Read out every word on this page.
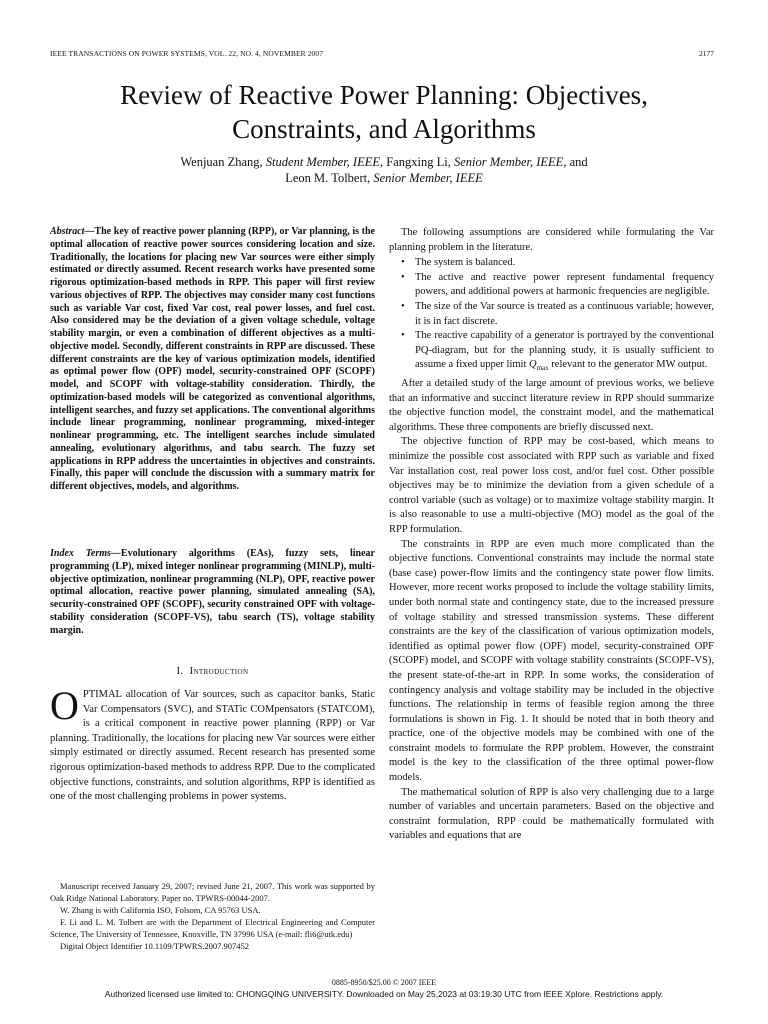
IEEE TRANSACTIONS ON POWER SYSTEMS, VOL. 22, NO. 4, NOVEMBER 2007	2177
Review of Reactive Power Planning: Objectives,
Constraints, and Algorithms
Wenjuan Zhang, Student Member, IEEE, Fangxing Li, Senior Member, IEEE, and
Leon M. Tolbert, Senior Member, IEEE
Abstract—The key of reactive power planning (RPP), or Var planning, is the optimal allocation of reactive power sources considering location and size. Traditionally, the locations for placing new Var sources were either simply estimated or directly assumed. Recent research works have presented some rigorous optimization-based methods in RPP. This paper will first review various objectives of RPP. The objectives may consider many cost functions such as variable Var cost, fixed Var cost, real power losses, and fuel cost. Also considered may be the deviation of a given voltage schedule, voltage stability margin, or even a combination of different objectives as a multi-objective model. Secondly, different constraints in RPP are discussed. These different constraints are the key of various optimization models, identified as optimal power flow (OPF) model, security-constrained OPF (SCOPF) model, and SCOPF with voltage-stability consideration. Thirdly, the optimization-based models will be categorized as conventional algorithms, intelligent searches, and fuzzy set applications. The conventional algorithms include linear programming, nonlinear programming, mixed-integer nonlinear programming, etc. The intelligent searches include simulated annealing, evolutionary algorithms, and tabu search. The fuzzy set applications in RPP address the uncertainties in objectives and constraints. Finally, this paper will conclude the discussion with a summary matrix for different objectives, models, and algorithms.
Index Terms—Evolutionary algorithms (EAs), fuzzy sets, linear programming (LP), mixed integer nonlinear programming (MINLP), multi-objective optimization, nonlinear programming (NLP), OPF, reactive power optimal allocation, reactive power planning, simulated annealing (SA), security-constrained OPF (SCOPF), security constrained OPF with voltage-stability consideration (SCOPF-VS), tabu search (TS), voltage stability margin.
I. Introduction
OPTIMAL allocation of Var sources, such as capacitor banks, Static Var Compensators (SVC), and STATic COMpensators (STATCOM), is a critical component in reactive power planning (RPP) or Var planning. Traditionally, the locations for placing new Var sources were either simply estimated or directly assumed. Recent research has presented some rigorous optimization-based methods to address RPP. Due to the complicated objective functions, constraints, and solution algorithms, RPP is identified as one of the most challenging problems in power systems.

Manuscript received January 29, 2007; revised June 21, 2007. This work was supported by Oak Ridge National Laboratory. Paper no. TPWRS-00044-2007.

W. Zhang is with California ISO, Folsom, CA 95763 USA.

F. Li and L. M. Tolbert are with the Department of Electrical Engineering and Computer Science, The University of Tennessee, Knoxville, TN 37996 USA (e-mail: fli6@utk.edu)

Digital Object Identifier 10.1109/TPWRS.2007.907452

The following assumptions are considered while formulating the Var planning problem in the literature.

• The system is balanced.
• The active and reactive power represent fundamental frequency powers, and additional powers at harmonic frequencies are negligible.
• The size of the Var source is treated as a continuous variable; however, it is in fact discrete.
• The reactive capability of a generator is portrayed by the conventional PQ-diagram, but for the planning study, it is usually sufficient to assume a fixed upper limit $Q_{max}$ relevant to the generator MW output.

After a detailed study of the large amount of previous works, we believe that an informative and succinct literature review in RPP should summarize the objective function model, the constraint model, and the mathematical algorithms. These three components are briefly discussed next.

The objective function of RPP may be cost-based, which means to minimize the possible cost associated with RPP such as variable and fixed Var installation cost, real power loss cost, and/or fuel cost. Other possible objectives may be to minimize the deviation from a given schedule of a control variable (such as voltage) or to maximize voltage stability margin. It is also reasonable to use a multi-objective (MO) model as the goal of the RPP formulation.

The constraints in RPP are even much more complicated than the objective functions. Conventional constraints may include the normal state (base case) power-flow limits and the contingency state power flow limits. However, more recent works proposed to include the voltage stability limits, under both normal state and contingency state, due to the increased pressure of voltage stability and stressed transmission systems. These different constraints are the key of the classification of various optimization models, identified as optimal power flow (OPF) model, security-constrained OPF (SCOPF) model, and SCOPF with voltage stability constraints (SCOPF-VS), the present state-of-the-art in RPP. In some works, the consideration of contingency analysis and voltage stability may be included in the objective functions. The relationship in terms of feasible region among the three formulations is shown in Fig. 1. It should be noted that in both theory and practice, one of the objective models may be combined with one of the constraint models to formulate the RPP problem. However, the constraint model is the key to the classification of the three optimal power-flow models.

The mathematical solution of RPP is also very challenging due to a large number of variables and uncertain parameters. Based on the objective and constraint formulation, RPP could be mathematically formulated with variables and equations that are

0885-8950/$25.00 © 2007 IEEE
Authorized licensed use limited to: CHONGQING UNIVERSITY. Downloaded on May 25,2023 at 03:19:30 UTC from IEEE Xplore. Restrictions apply.
